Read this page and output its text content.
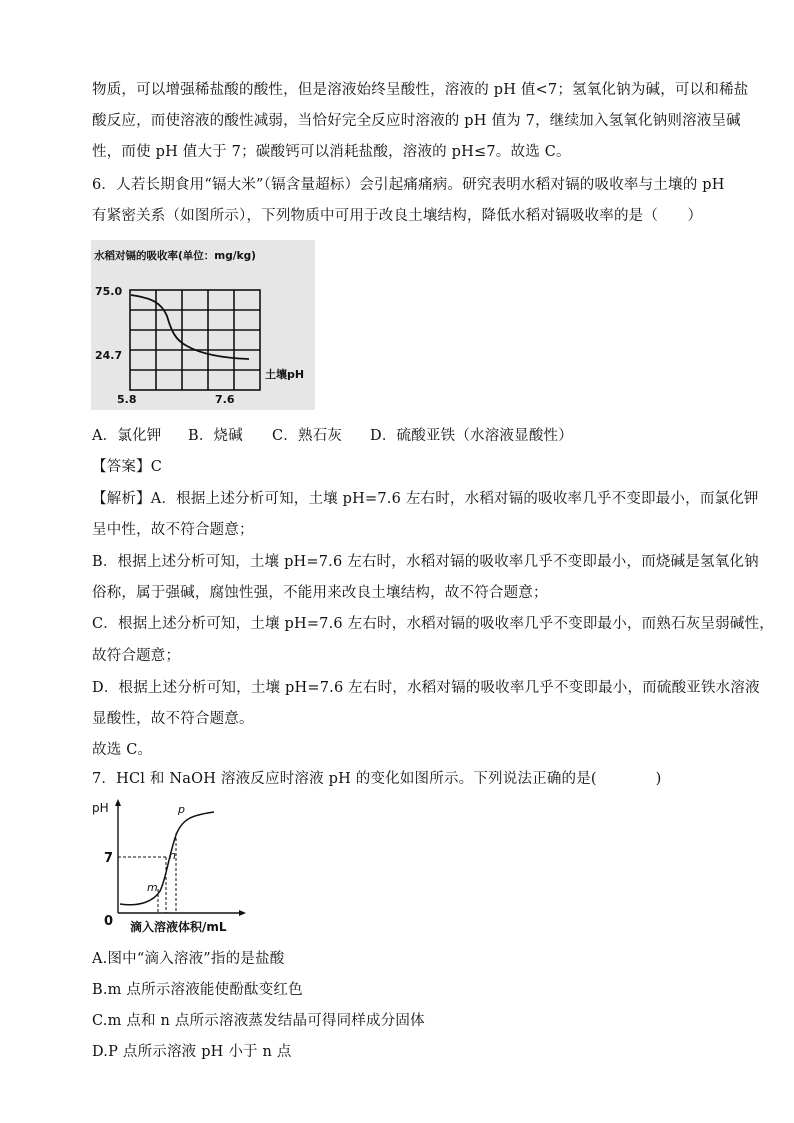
物质，可以增强稀盐酸的酸性，但是溶液始终呈酸性，溶液的 pH 值<7；氢氧化钠为碱，可以和稀盐
酸反应，而使溶液的酸性减弱，当恰好完全反应时溶液的 pH 值为 7，继续加入氢氧化钠则溶液呈碱
性，而使 pH 值大于 7；碳酸钙可以消耗盐酸，溶液的 pH≤7。故选 C。
6．人若长期食用“镉大米”（镉含量超标）会引起痛痛病。研究表明水稻对镉的吸收率与土壤的 pH
有紧密关系（如图所示），下列物质中可用于改良土壤结构，降低水稻对镉吸收率的是（　　）
水稻对镉的吸收率(单位：mg/kg)
75.0
24.7
5.8	7.6
土壤pH
A．氯化钾 B．烧碱 C．熟石灰 D．硫酸亚铁（水溶液显酸性）
【答案】C
【解析】A．根据上述分析可知，土壤 pH=7.6 左右时，水稻对镉的吸收率几乎不变即最小，而氯化钾
呈中性，故不符合题意；
B．根据上述分析可知，土壤 pH=7.6 左右时，水稻对镉的吸收率几乎不变即最小，而烧碱是氢氧化钠
俗称，属于强碱，腐蚀性强，不能用来改良土壤结构，故不符合题意；
C．根据上述分析可知，土壤 pH=7.6 左右时，水稻对镉的吸收率几乎不变即最小，而熟石灰呈弱碱性，
故符合题意；
D．根据上述分析可知，土壤 pH=7.6 左右时，水稻对镉的吸收率几乎不变即最小，而硫酸亚铁水溶液
显酸性，故不符合题意。
故选 C。
7．HCl 和 NaOH 溶液反应时溶液 pH 的变化如图所示。下列说法正确的是(　　　　)
pH
7
0 滴入溶液体积/mL
m
n
p
A.图中“滴入溶液”指的是盐酸
B.m 点所示溶液能使酚酞变红色
C.m 点和 n 点所示溶液蒸发结晶可得同样成分固体
D.P 点所示溶液 pH 小于 n 点
